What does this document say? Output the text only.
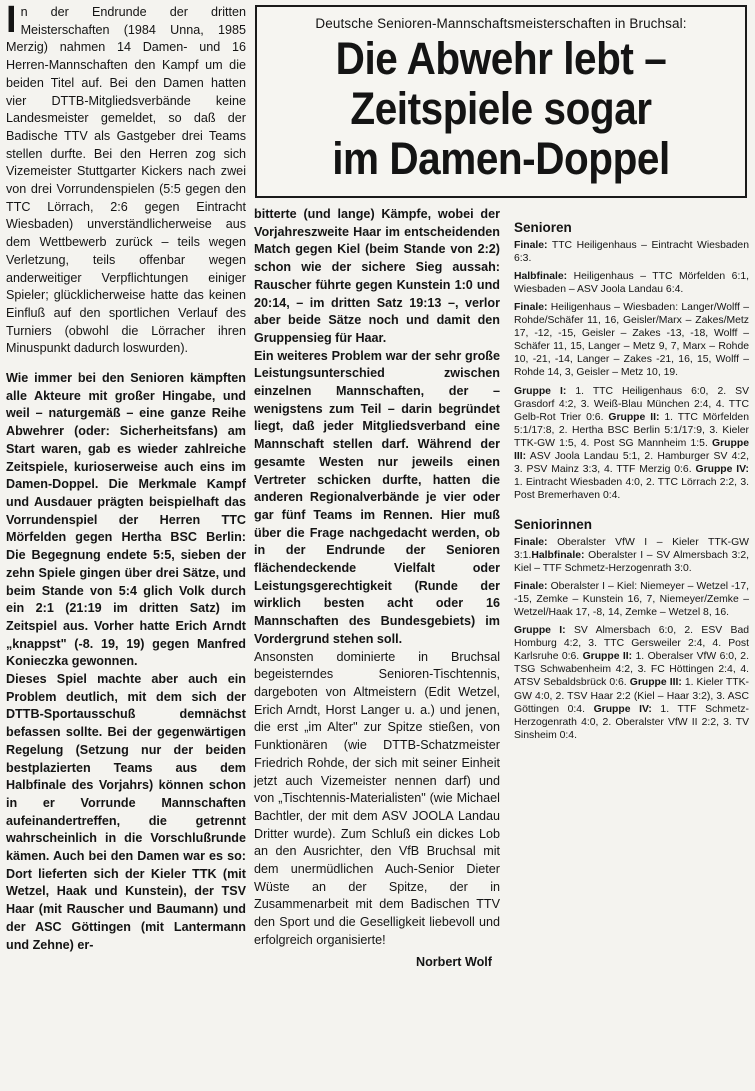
In der Endrunde der dritten Meisterschaften (1984 Unna, 1985 Merzig) nahmen 14 Damen- und 16 Herren-Mannschaften den Kampf um die beiden Titel auf. Bei den Damen hatten vier DTTB-Mitgliedsverbände keine Landesmeister gemeldet, so daß der Badische TTV als Gastgeber drei Teams stellen durfte. Bei den Herren zog sich Vizemeister Stuttgarter Kickers nach zwei von drei Vorrundenspielen (5:5 gegen den TTC Lörrach, 2:6 gegen Eintracht Wiesbaden) unverständlicherweise aus dem Wettbewerb zurück – teils wegen Verletzung, teils offenbar wegen anderweitiger Verpflichtungen einiger Spieler; glücklicherweise hatte das keinen Einfluß auf den sportlichen Verlauf des Turniers (obwohl die Lörracher ihren Minuspunkt dadurch loswurden).

Wie immer bei den Senioren kämpften alle Akteure mit großer Hingabe, und weil – naturgemäß – eine ganze Reihe Abwehrer (oder: Sicherheitsfans) am Start waren, gab es wieder zahlreiche Zeitspiele, kurioserweise auch eins im Damen-Doppel. Die Merkmale Kampf und Ausdauer prägten beispielhaft das Vorrundenspiel der Herren TTC Mörfelden gegen Hertha BSC Berlin: Die Begegnung endete 5:5, sieben der zehn Spiele gingen über drei Sätze, und beim Stande von 5:4 glich Volk durch ein 2:1 (21:19 im dritten Satz) im Zeitspiel aus. Vorher hatte Erich Arndt „knappst" (-8. 19, 19) gegen Manfred Konieczka gewonnen.

Dieses Spiel machte aber auch ein Problem deutlich, mit dem sich der DTTB-Sportausschuß demnächst befassen sollte. Bei der gegenwärtigen Regelung (Setzung nur der beiden bestplazierten Teams aus dem Halbfinale des Vorjahrs) können schon in er Vorrunde Mannschaften aufeinandertreffen, die getrennt wahrscheinlich in die Vorschlußrunde kämen. Auch bei den Damen war es so: Dort lieferten sich der Kieler TTK (mit Wetzel, Haak und Kunstein), der TSV Haar (mit Rauscher und Baumann) und der ASC Göttingen (mit Lantermann und Zehne) er-

Deutsche Senioren-Mannschaftsmeisterschaften in Bruchsal:
Die Abwehr lebt –
Zeitspiele sogar
im Damen-Doppel

bitterte (und lange) Kämpfe, wobei der Vorjahreszweite Haar im entscheidenden Match gegen Kiel (beim Stande von 2:2) schon wie der sichere Sieg aussah: Rauscher führte gegen Kunstein 1:0 und 20:14, – im dritten Satz 19:13 –, verlor aber beide Sätze noch und damit den Gruppensieg für Haar.

Ein weiteres Problem war der sehr große Leistungsunterschied zwischen einzelnen Mannschaften, der – wenigstens zum Teil – darin begründet liegt, daß jeder Mitgliedsverband eine Mannschaft stellen darf. Während der gesamte Westen nur jeweils einen Vertreter schicken durfte, hatten die anderen Regionalverbände je vier oder gar fünf Teams im Rennen. Hier muß über die Frage nachgedacht werden, ob in der Endrunde der Senioren flächendeckende Vielfalt oder Leistungsgerechtigkeit (Runde der wirklich besten acht oder 16 Mannschaften des Bundesgebiets) im Vordergrund stehen soll.

Ansonsten dominierte in Bruchsal begeisterndes Senioren-Tischtennis, dargeboten von Altmeistern (Edit Wetzel, Erich Arndt, Horst Langer u. a.) und jenen, die erst „im Alter" zur Spitze stießen, von Funktionären (wie DTTB-Schatzmeister Friedrich Rohde, der sich mit seiner Einheit jetzt auch Vizemeister nennen darf) und von „Tischtennis-Materialisten" (wie Michael Bachtler, der mit dem ASV JOOLA Landau Dritter wurde). Zum Schluß ein dickes Lob an den Ausrichter, den VfB Bruchsal mit dem unermüdlichen Auch-Senior Dieter Wüste an der Spitze, der in Zusammenarbeit mit dem Badischen TTV den Sport und die Geselligkeit liebevoll und erfolgreich organisierte!

Norbert Wolf

Senioren

Finale: TTC Heiligenhaus – Eintracht Wiesbaden 6:3.

Halbfinale: Heiligenhaus – TTC Mörfelden 6:1, Wiesbaden – ASV Joola Landau 6:4.

Finale: Heiligenhaus – Wiesbaden: Langer/Wolff – Rohde/Schäfer 11, 16, Geisler/Marx – Zakes/Metz 17, -12, -15, Geisler – Zakes -13, -18, Wolff – Schäfer 11, 15, Langer – Metz 9, 7, Marx – Rohde 10, -21, -14, Langer – Zakes -21, 16, 15, Wolff – Rohde 14, 3, Geisler – Metz 10, 19.

Gruppe I: 1. TTC Heiligenhaus 6:0, 2. SV Grasdorf 4:2, 3. Weiß-Blau München 2:4, 4. TTC Gelb-Rot Trier 0:6. Gruppe II: 1. TTC Mörfelden 5:1/17:8, 2. Hertha BSC Berlin 5:1/17:9, 3. Kieler TTK-GW 1:5, 4. Post SG Mannheim 1:5. Gruppe III: ASV Joola Landau 5:1, 2. Hamburger SV 4:2, 3. PSV Mainz 3:3, 4. TTF Merzig 0:6. Gruppe IV: 1. Eintracht Wiesbaden 4:0, 2. TTC Lörrach 2:2, 3. Post Bremerhaven 0:4.

Seniorinnen

Finale: Oberalster VfW I – Kieler TTK-GW 3:1.Halbfinale: Oberalster I – SV Almersbach 3:2, Kiel – TTF Schmetz-Herzogenrath 3:0.

Finale: Oberalster I – Kiel: Niemeyer – Wetzel -17, -15, Zemke – Kunstein 16, 7, Niemeyer/Zemke – Wetzel/Haak 17, -8, 14, Zemke – Wetzel 8, 16.

Gruppe I: SV Almersbach 6:0, 2. ESV Bad Homburg 4:2, 3. TTC Gersweiler 2:4, 4. Post Karlsruhe 0:6. Gruppe II: 1. Oberalser VfW 6:0, 2. TSG Schwabenheim 4:2, 3. FC Höttingen 2:4, 4. ATSV Sebaldsbrück 0:6. Gruppe III: 1. Kieler TTK-GW 4:0, 2. TSV Haar 2:2 (Kiel – Haar 3:2), 3. ASC Göttingen 0:4. Gruppe IV: 1. TTF Schmetz-Herzogenrath 4:0, 2. Oberalster VfW II 2:2, 3. TV Sinsheim 0:4.
